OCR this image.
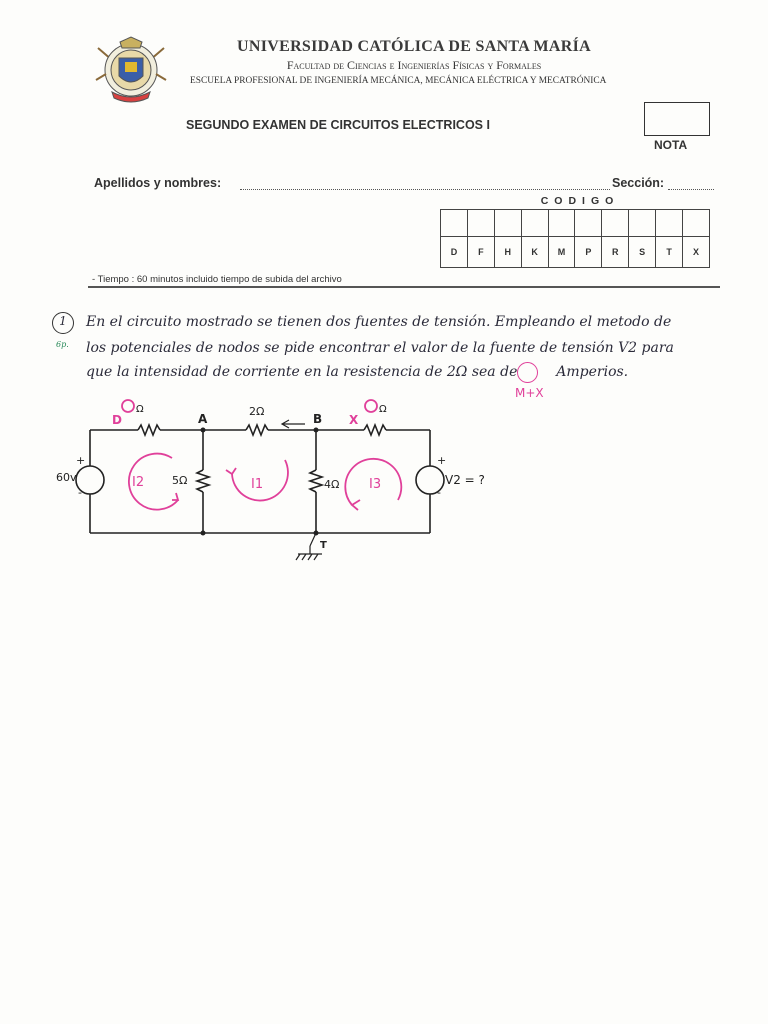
UNIVERSIDAD CATÓLICA DE SANTA MARÍA
Facultad de Ciencias e Ingenierías Físicas y Formales
ESCUELA PROFESIONAL DE INGENIERÍA MECÁNICA, MECÁNICA ELÉCTRICA Y MECATRÓNICA
SEGUNDO EXAMEN DE CIRCUITOS ELECTRICOS I
NOTA
Apellidos y nombres:	Sección:
CODIGO

D	F	H	K	M	P	R	S	T	X
- Tiempo : 60 minutos incluido tiempo de subida del archivo
1
6p.
En el circuito mostrado se tienen dos fuentes de tensión. Empleando el metodo de
los potenciales de nodos se pide encontrar el valor de la fuente de tensión V2 para
que la intensidad de corriente en la resistencia de 2Ω sea de	Amperios.
M+X
A	B
T
D
Ω	2Ω
X
Ω
5Ω	4Ω
60v	V2 = ?
+
-
+
-
I2	I1	I3
